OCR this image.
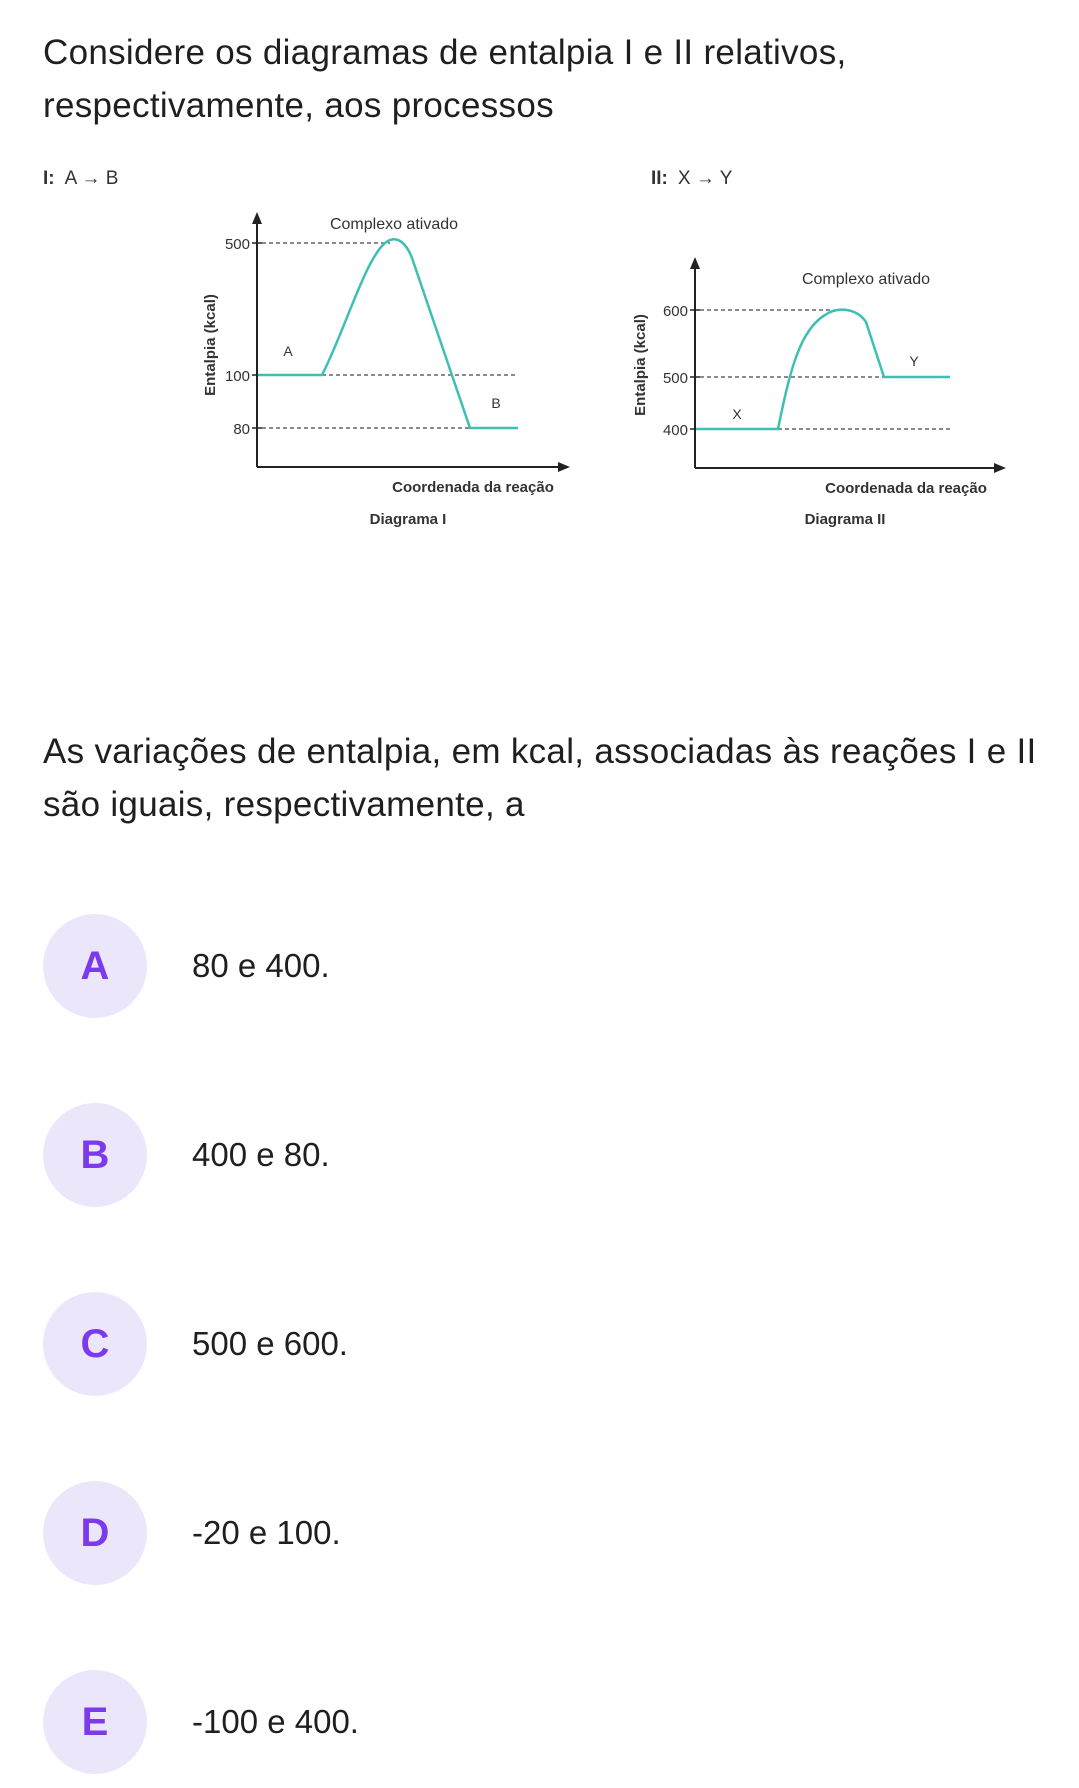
Considere os diagramas de entalpia I e II relativos, respectivamente, aos processos
I: A → B	II: X → Y
500
100
80
Entalpia (kcal)
Complexo ativado
A
B
Coordenada da reação
Diagrama I
600
500
400
Entalpia (kcal)
Complexo ativado
X
Y
Coordenada da reação
Diagrama II
As variações de entalpia, em kcal, associadas às reações I e II são iguais, respectivamente, a
A	80 e 400.
B	400 e 80.
C	500 e 600.
D	-20 e 100.
E	-100 e 400.
